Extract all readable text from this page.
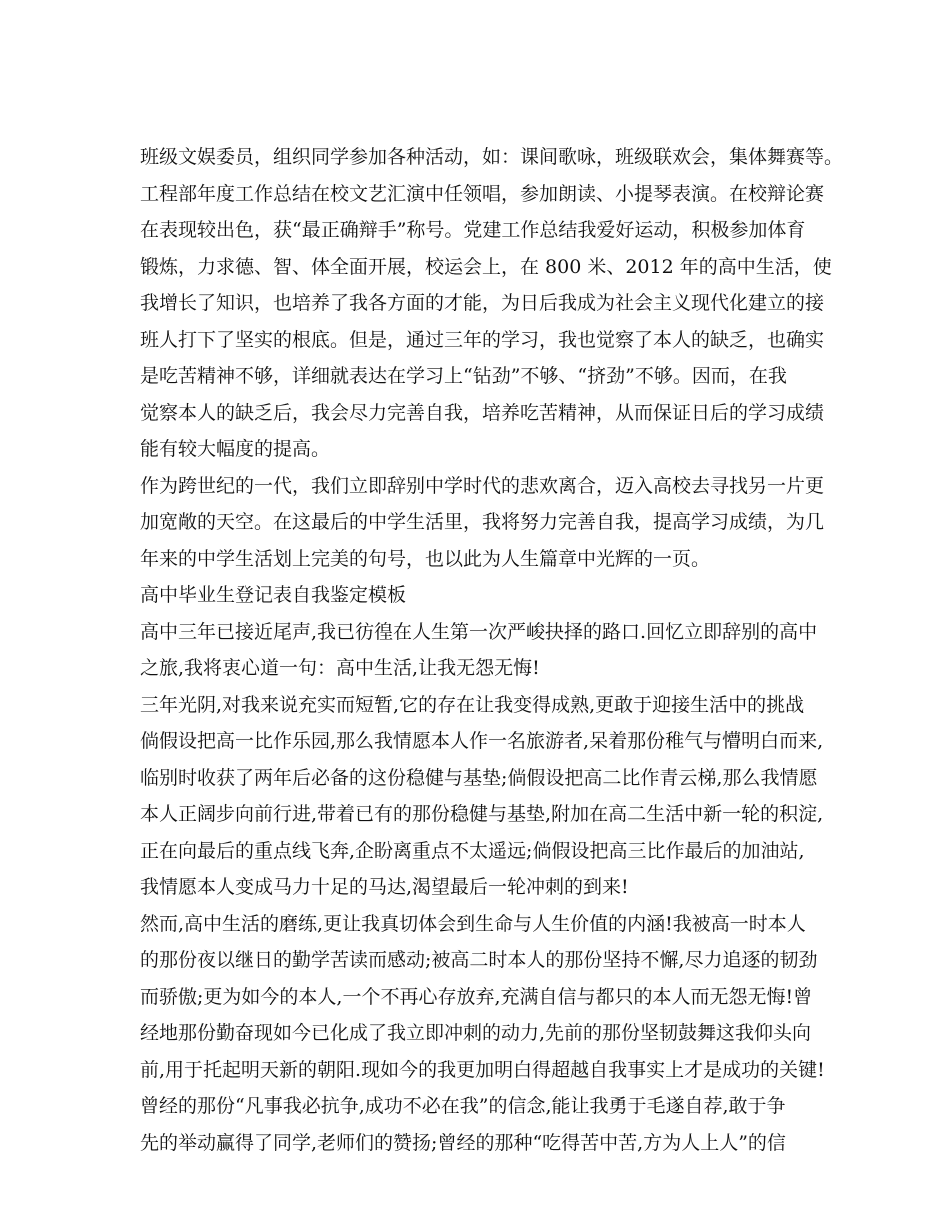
班级文娱委员，组织同学参加各种活动，如：课间歌咏，班级联欢会，集体舞赛等。
工程部年度工作总结在校文艺汇演中任领唱，参加朗读、小提琴表演。在校辩论赛
在表现较出色，获“最正确辩手”称号。党建工作总结我爱好运动，积极参加体育
锻炼，力求德、智、体全面开展，校运会上，在 800 米、2012 年的高中生活，使
我增长了知识，也培养了我各方面的才能，为日后我成为社会主义现代化建立的接
班人打下了坚实的根底。但是，通过三年的学习，我也觉察了本人的缺乏，也确实
是吃苦精神不够，详细就表达在学习上“钻劲”不够、“挤劲”不够。因而，在我
觉察本人的缺乏后，我会尽力完善自我，培养吃苦精神，从而保证日后的学习成绩
能有较大幅度的提高。
作为跨世纪的一代，我们立即辞别中学时代的悲欢离合，迈入高校去寻找另一片更
加宽敞的天空。在这最后的中学生活里，我将努力完善自我，提高学习成绩，为几
年来的中学生活划上完美的句号，也以此为人生篇章中光辉的一页。
高中毕业生登记表自我鉴定模板
高中三年已接近尾声,我已彷徨在人生第一次严峻抉择的路口.回忆立即辞别的高中
之旅,我将衷心道一句：高中生活,让我无怨无悔!
三年光阴,对我来说充实而短暂,它的存在让我变得成熟,更敢于迎接生活中的挑战
倘假设把高一比作乐园,那么我情愿本人作一名旅游者,呆着那份稚气与懵明白而来,
临别时收获了两年后必备的这份稳健与基垫;倘假设把高二比作青云梯,那么我情愿
本人正阔步向前行进,带着已有的那份稳健与基垫,附加在高二生活中新一轮的积淀,
正在向最后的重点线飞奔,企盼离重点不太遥远;倘假设把高三比作最后的加油站,
我情愿本人变成马力十足的马达,渴望最后一轮冲刺的到来!
然而,高中生活的磨练,更让我真切体会到生命与人生价值的内涵!我被高一时本人
的那份夜以继日的勤学苦读而感动;被高二时本人的那份坚持不懈,尽力追逐的韧劲
而骄傲;更为如今的本人,一个不再心存放弃,充满自信与都只的本人而无怨无悔!曾
经地那份勤奋现如今已化成了我立即冲刺的动力,先前的那份坚韧鼓舞这我仰头向
前,用于托起明天新的朝阳.现如今的我更加明白得超越自我事实上才是成功的关键!
曾经的那份“凡事我必抗争,成功不必在我”的信念,能让我勇于毛遂自荐,敢于争
先的举动赢得了同学,老师们的赞扬;曾经的那种“吃得苦中苦,方为人上人”的信
